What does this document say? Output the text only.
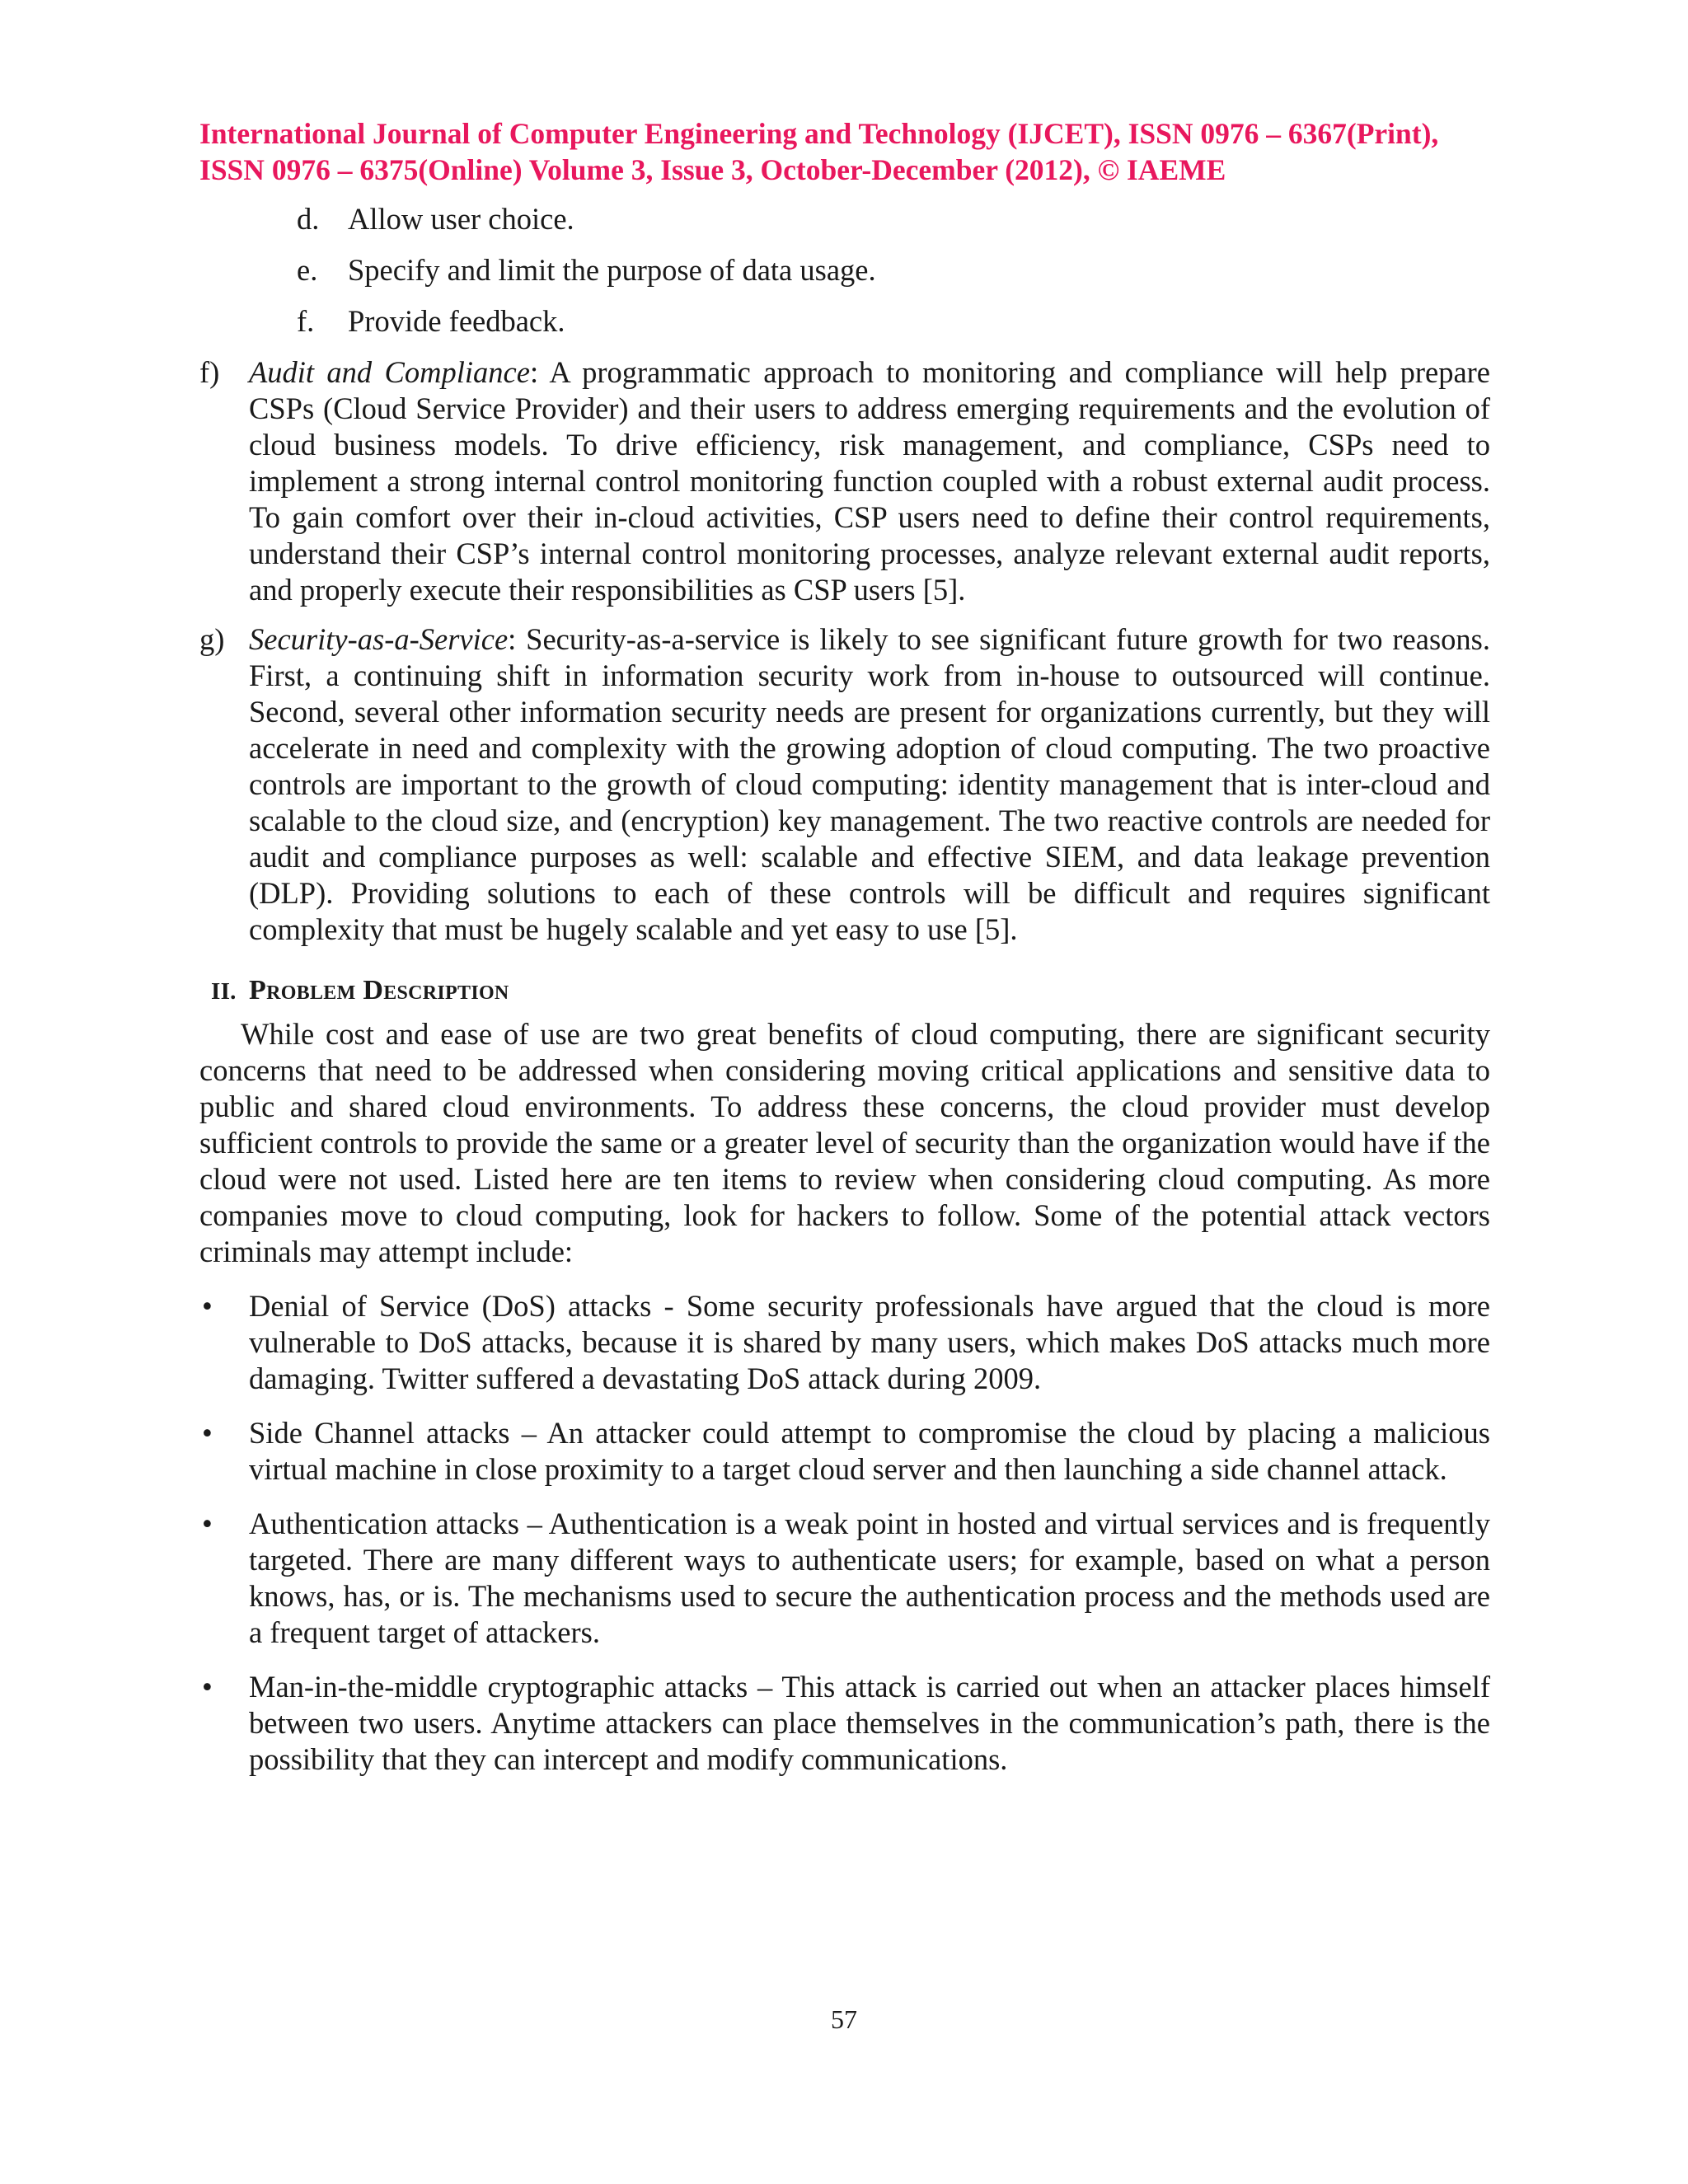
International Journal of Computer Engineering and Technology (IJCET), ISSN 0976 – 6367(Print),
ISSN 0976 – 6375(Online) Volume 3, Issue 3, October-December (2012), © IAEME
d. Allow user choice.
e. Specify and limit the purpose of data usage.
f. Provide feedback.
f) Audit and Compliance: A programmatic approach to monitoring and compliance will help prepare CSPs (Cloud Service Provider) and their users to address emerging requirements and the evolution of cloud business models. To drive efficiency, risk management, and compliance, CSPs need to implement a strong internal control monitoring function coupled with a robust external audit process. To gain comfort over their in-cloud activities, CSP users need to define their control requirements, understand their CSP’s internal control monitoring processes, analyze relevant external audit reports, and properly execute their responsibilities as CSP users [5].
g) Security-as-a-Service: Security-as-a-service is likely to see significant future growth for two reasons. First, a continuing shift in information security work from in-house to outsourced will continue. Second, several other information security needs are present for organizations currently, but they will accelerate in need and complexity with the growing adoption of cloud computing. The two proactive controls are important to the growth of cloud computing: identity management that is inter-cloud and scalable to the cloud size, and (encryption) key management. The two reactive controls are needed for audit and compliance purposes as well: scalable and effective SIEM, and data leakage prevention (DLP). Providing solutions to each of these controls will be difficult and requires significant complexity that must be hugely scalable and yet easy to use [5].
II. Problem Description
While cost and ease of use are two great benefits of cloud computing, there are significant security concerns that need to be addressed when considering moving critical applications and sensitive data to public and shared cloud environments. To address these concerns, the cloud provider must develop sufficient controls to provide the same or a greater level of security than the organization would have if the cloud were not used. Listed here are ten items to review when considering cloud computing. As more companies move to cloud computing, look for hackers to follow. Some of the potential attack vectors criminals may attempt include:
• Denial of Service (DoS) attacks - Some security professionals have argued that the cloud is more vulnerable to DoS attacks, because it is shared by many users, which makes DoS attacks much more damaging. Twitter suffered a devastating DoS attack during 2009.
• Side Channel attacks – An attacker could attempt to compromise the cloud by placing a malicious virtual machine in close proximity to a target cloud server and then launching a side channel attack.
• Authentication attacks – Authentication is a weak point in hosted and virtual services and is frequently targeted. There are many different ways to authenticate users; for example, based on what a person knows, has, or is. The mechanisms used to secure the authentication process and the methods used are a frequent target of attackers.
• Man-in-the-middle cryptographic attacks – This attack is carried out when an attacker places himself between two users. Anytime attackers can place themselves in the communication’s path, there is the possibility that they can intercept and modify communications.
57
